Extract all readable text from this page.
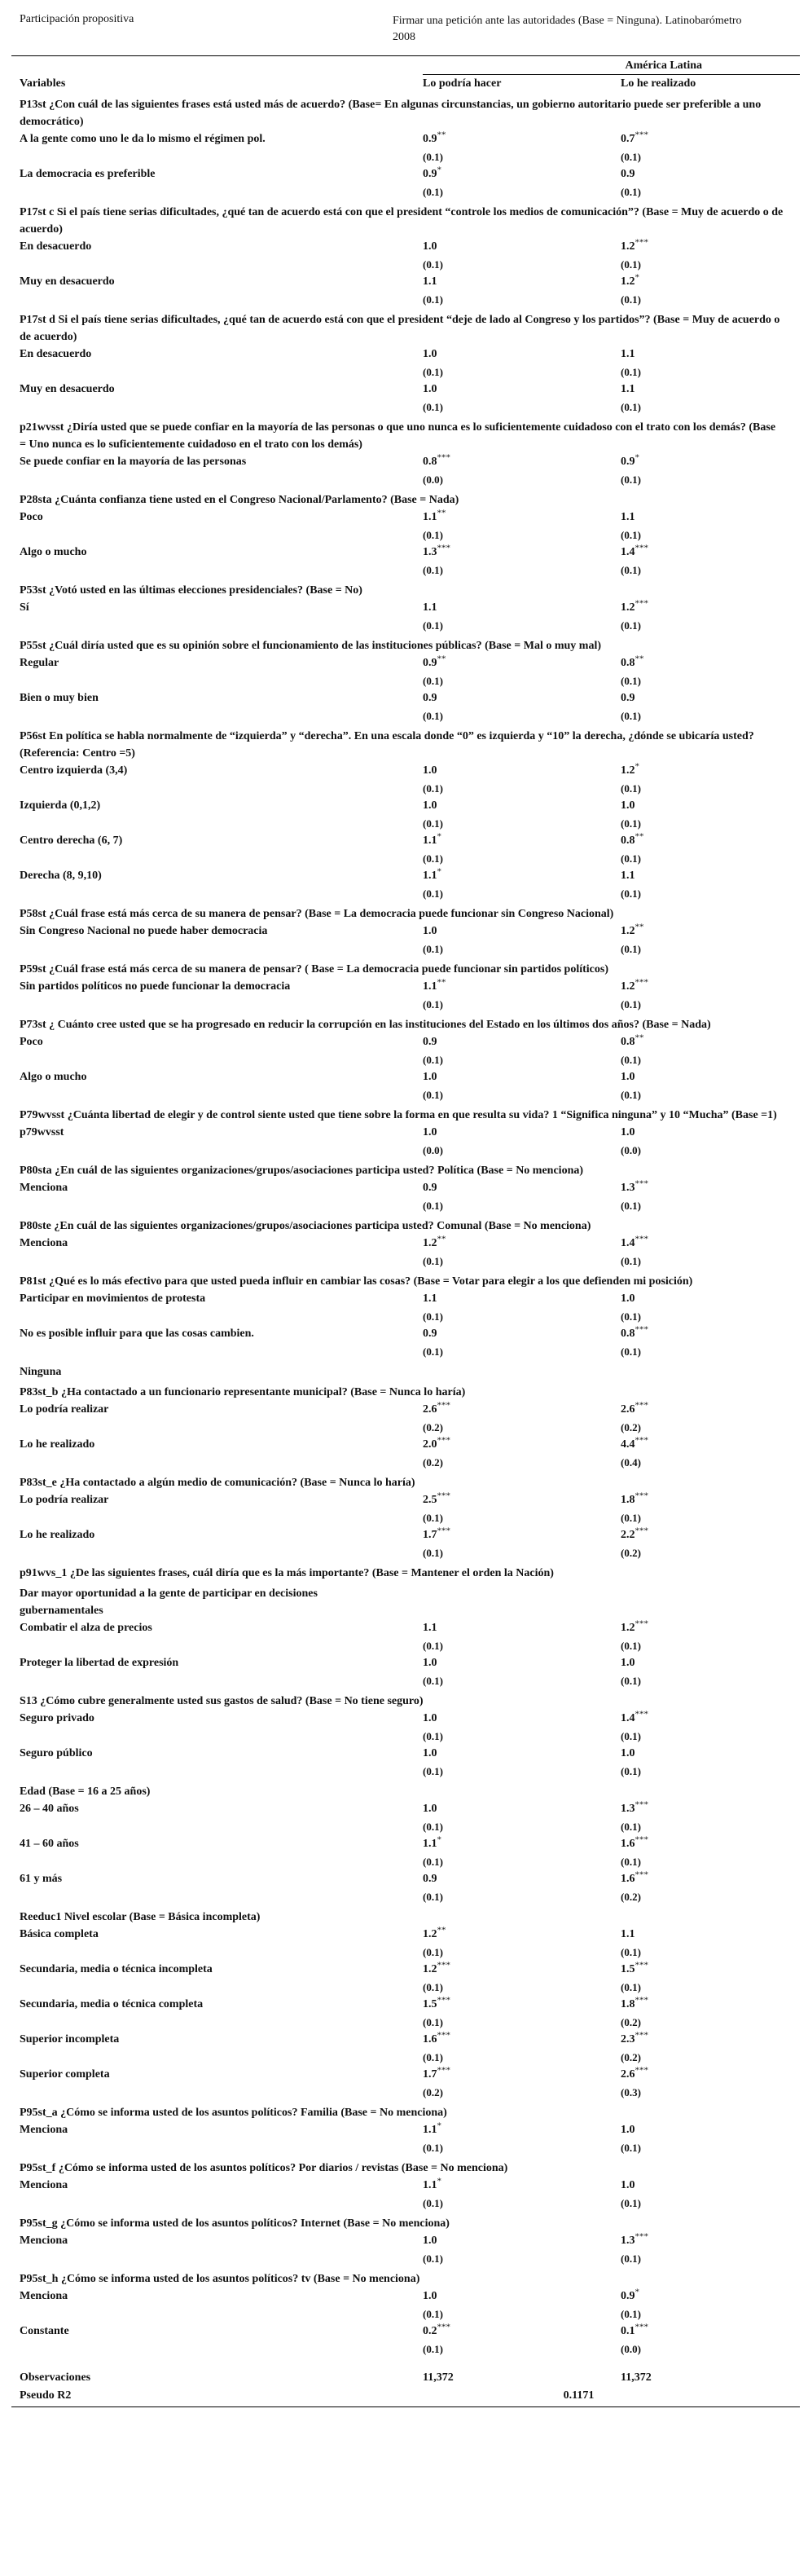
Participación propositiva	Firmar una petición ante las autoridades (Base = Ninguna). Latinobarómetro 2008
América Latina
Variables	Lo podría hacer	Lo he realizado
P13st ¿Con cuál de las siguientes frases está usted más de acuerdo? (Base= En algunas circunstancias, un gobierno autoritario puede ser preferible a uno democrático)
A la gente como uno le da lo mismo el régimen pol.	0.9**	0.7***
(0.1)	(0.1)
La democracia es preferible	0.9*	0.9
(0.1)	(0.1)
P17st c Si el país tiene serias dificultades, ¿qué tan de acuerdo está con que el president “controle los medios de comunicación”? (Base = Muy de acuerdo o de acuerdo)
En desacuerdo	1.0	1.2***
(0.1)	(0.1)
Muy en desacuerdo	1.1	1.2*
(0.1)	(0.1)
P17st d Si el país tiene serias dificultades, ¿qué tan de acuerdo está con que el president “deje de lado al Congreso y los partidos”? (Base = Muy de acuerdo o de acuerdo)
En desacuerdo	1.0	1.1
(0.1)	(0.1)
Muy en desacuerdo	1.0	1.1
(0.1)	(0.1)
p21wvsst ¿Diría usted que se puede confiar en la mayoría de las personas o que uno nunca es lo suficientemente cuidadoso con el trato con los demás? (Base = Uno nunca es lo suficientemente cuidadoso en el trato con los demás)
Se puede confiar en la mayoría de las personas	0.8***	0.9*
(0.0)	(0.1)
P28sta ¿Cuánta confianza tiene usted en el Congreso Nacional/Parlamento? (Base = Nada)
Poco	1.1**	1.1
(0.1)	(0.1)
Algo o mucho	1.3***	1.4***
(0.1)	(0.1)
P53st ¿Votó usted en las últimas elecciones presidenciales? (Base = No)
Sí	1.1	1.2***
(0.1)	(0.1)
P55st ¿Cuál diría usted que es su opinión sobre el funcionamiento de las instituciones públicas? (Base = Mal o muy mal)
Regular	0.9**	0.8**
(0.1)	(0.1)
Bien o muy bien	0.9	0.9
(0.1)	(0.1)
P56st En política se habla normalmente de “izquierda” y “derecha”. En una escala donde “0” es izquierda y “10” la derecha, ¿dónde se ubicaría usted? (Referencia: Centro =5)
Centro izquierda (3,4)	1.0	1.2*
(0.1)	(0.1)
Izquierda (0,1,2)	1.0	1.0
(0.1)	(0.1)
Centro derecha (6, 7)	1.1*	0.8**
(0.1)	(0.1)
Derecha (8, 9,10)	1.1*	1.1
(0.1)	(0.1)
P58st ¿Cuál frase está más cerca de su manera de pensar? (Base = La democracia puede funcionar sin Congreso Nacional)
Sin Congreso Nacional no puede haber democracia	1.0	1.2**
(0.1)	(0.1)
P59st ¿Cuál frase está más cerca de su manera de pensar? ( Base = La democracia puede funcionar sin partidos políticos)
Sin partidos políticos no puede funcionar la democracia	1.1**	1.2***
(0.1)	(0.1)
P73st ¿ Cuánto cree usted que se ha progresado en reducir la corrupción en las instituciones del Estado en los últimos dos años? (Base = Nada)
Poco	0.9	0.8**
(0.1)	(0.1)
Algo o mucho	1.0	1.0
(0.1)	(0.1)
P79wvsst ¿Cuánta libertad de elegir y de control siente usted que tiene sobre la forma en que resulta su vida? 1 “Significa ninguna” y 10 “Mucha” (Base =1)
p79wvsst	1.0	1.0
(0.0)	(0.0)
P80sta ¿En cuál de las siguientes organizaciones/grupos/asociaciones participa usted? Política (Base = No menciona)
Menciona	0.9	1.3***
(0.1)	(0.1)
P80ste ¿En cuál de las siguientes organizaciones/grupos/asociaciones participa usted? Comunal (Base = No menciona)
Menciona	1.2**	1.4***
(0.1)	(0.1)
P81st ¿Qué es lo más efectivo para que usted pueda influir en cambiar las cosas? (Base = Votar para elegir a los que defienden mi posición)
Participar en movimientos de protesta	1.1	1.0
(0.1)	(0.1)
No es posible influir para que las cosas cambien.	0.9	0.8***
(0.1)	(0.1)
Ninguna
P83st_b ¿Ha contactado a un funcionario representante municipal? (Base = Nunca lo haría)
Lo podría realizar	2.6***	2.6***
(0.2)	(0.2)
Lo he realizado	2.0***	4.4***
(0.2)	(0.4)
P83st_e ¿Ha contactado a algún medio de comunicación? (Base = Nunca lo haría)
Lo podría realizar	2.5***	1.8***
(0.1)	(0.1)
Lo he realizado	1.7***	2.2***
(0.1)	(0.2)
p91wvs_1 ¿De las siguientes frases, cuál diría que es la más importante? (Base = Mantener el orden la Nación)
Dar mayor oportunidad a la gente de participar en decisiones gubernamentales
Combatir el alza de precios	1.1	1.2***
(0.1)	(0.1)
Proteger la libertad de expresión	1.0	1.0
(0.1)	(0.1)
S13 ¿Cómo cubre generalmente usted sus gastos de salud? (Base = No tiene seguro)
Seguro privado	1.0	1.4***
(0.1)	(0.1)
Seguro público	1.0	1.0
(0.1)	(0.1)
Edad (Base = 16 a 25 años)
26 – 40 años	1.0	1.3***
(0.1)	(0.1)
41 – 60 años	1.1*	1.6***
(0.1)	(0.1)
61 y más	0.9	1.6***
(0.1)	(0.2)
Reeduc1 Nivel escolar (Base = Básica incompleta)
Básica completa	1.2**	1.1
(0.1)	(0.1)
Secundaria, media o técnica incompleta	1.2***	1.5***
(0.1)	(0.1)
Secundaria, media o técnica completa	1.5***	1.8***
(0.1)	(0.2)
Superior incompleta	1.6***	2.3***
(0.1)	(0.2)
Superior completa	1.7***	2.6***
(0.2)	(0.3)
P95st_a ¿Cómo se informa usted de los asuntos políticos? Familia (Base = No menciona)
Menciona	1.1*	1.0
(0.1)	(0.1)
P95st_f ¿Cómo se informa usted de los asuntos políticos? Por diarios / revistas (Base = No menciona)
Menciona	1.1*	1.0
(0.1)	(0.1)
P95st_g ¿Cómo se informa usted de los asuntos políticos? Internet (Base = No menciona)
Menciona	1.0	1.3***
(0.1)	(0.1)
P95st_h ¿Cómo se informa usted de los asuntos políticos? tv (Base = No menciona)
Menciona	1.0	0.9*
(0.1)	(0.1)
Constante	0.2***	0.1***
(0.1)	(0.0)
Observaciones	11,372	11,372
Pseudo R2	0.1171
